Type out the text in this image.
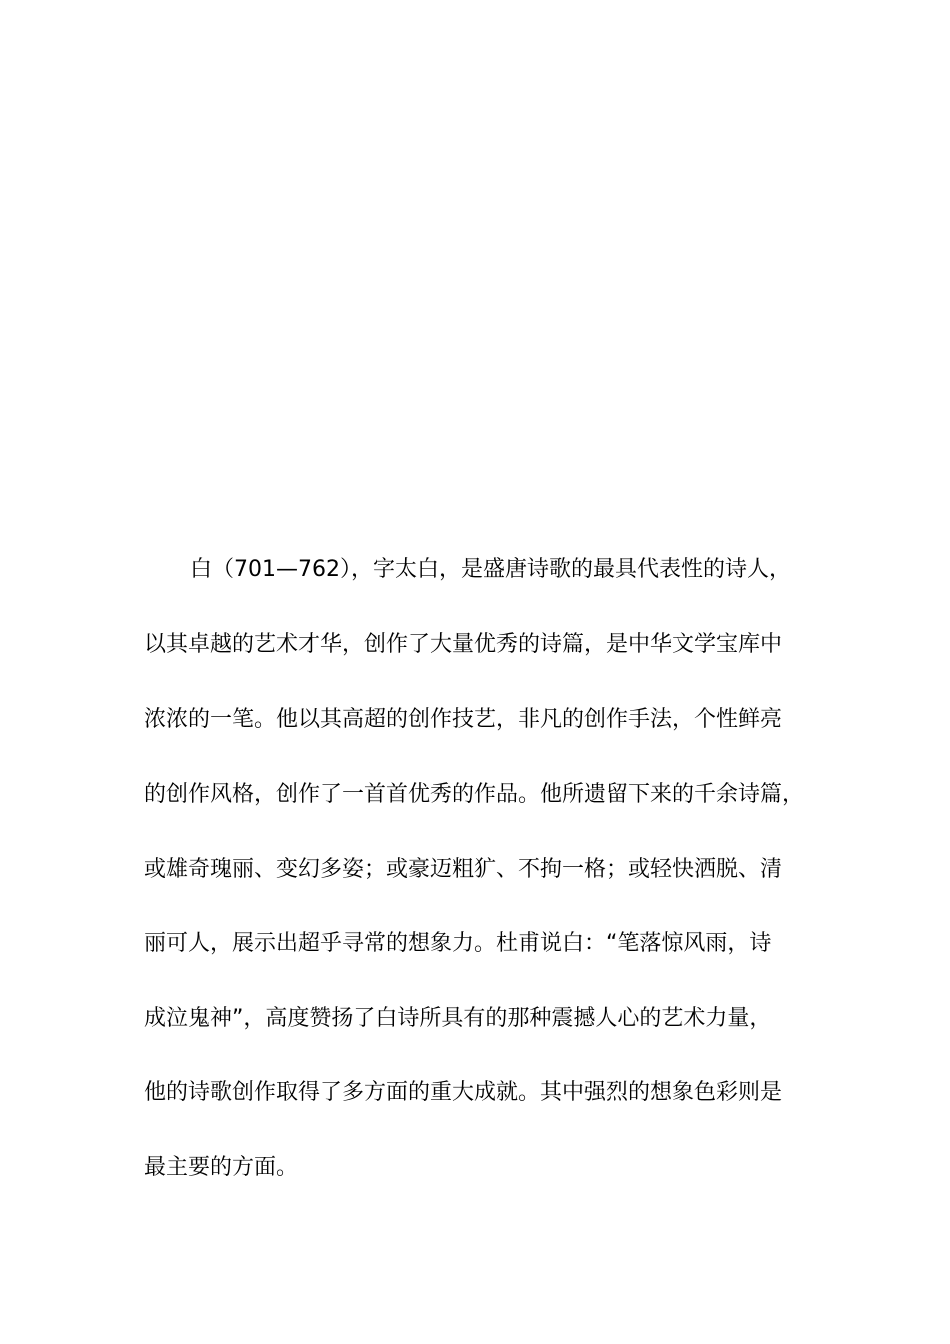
白（701—762），字太白，是盛唐诗歌的最具代表性的诗人，
以其卓越的艺术才华，创作了大量优秀的诗篇，是中华文学宝库中
浓浓的一笔。他以其高超的创作技艺，非凡的创作手法，个性鲜亮
的创作风格，创作了一首首优秀的作品。他所遗留下来的千余诗篇，
或雄奇瑰丽、变幻多姿；或豪迈粗犷、不拘一格；或轻快洒脱、清
丽可人，展示出超乎寻常的想象力。杜甫说白：“笔落惊风雨，诗
成泣鬼神”，高度赞扬了白诗所具有的那种震撼人心的艺术力量，
他的诗歌创作取得了多方面的重大成就。其中强烈的想象色彩则是
最主要的方面。
